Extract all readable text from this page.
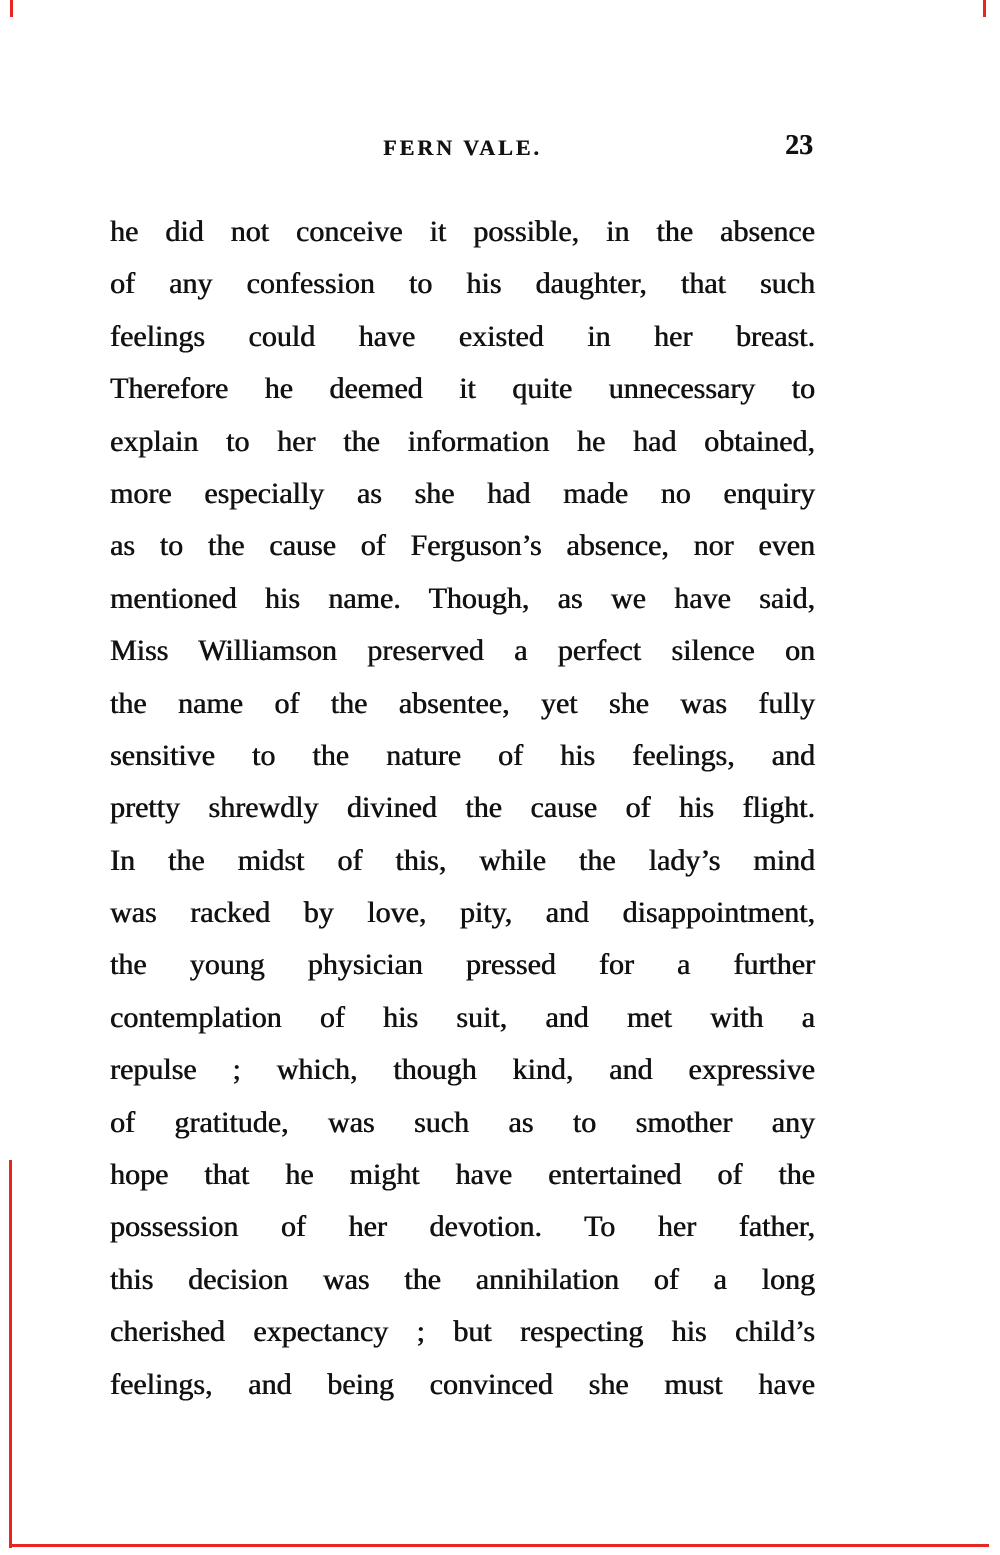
FERN VALE.	23
he did not conceive it possible, in the absence
of any confession to his daughter, that such
feelings could have existed in her breast.
Therefore he deemed it quite unnecessary to
explain to her the information he had obtained,
more especially as she had made no enquiry
as to the cause of Ferguson’s absence, nor even
mentioned his name. Though, as we have said,
Miss Williamson preserved a perfect silence on
the name of the absentee, yet she was fully
sensitive to the nature of his feelings, and
pretty shrewdly divined the cause of his flight.
In the midst of this, while the lady’s mind
was racked by love, pity, and disappointment,
the young physician pressed for a further
contemplation of his suit, and met with a
repulse ; which, though kind, and expressive
of gratitude, was such as to smother any
hope that he might have entertained of the
possession of her devotion. To her father,
this decision was the annihilation of a long
cherished expectancy ; but respecting his child’s
feelings, and being convinced she must have
